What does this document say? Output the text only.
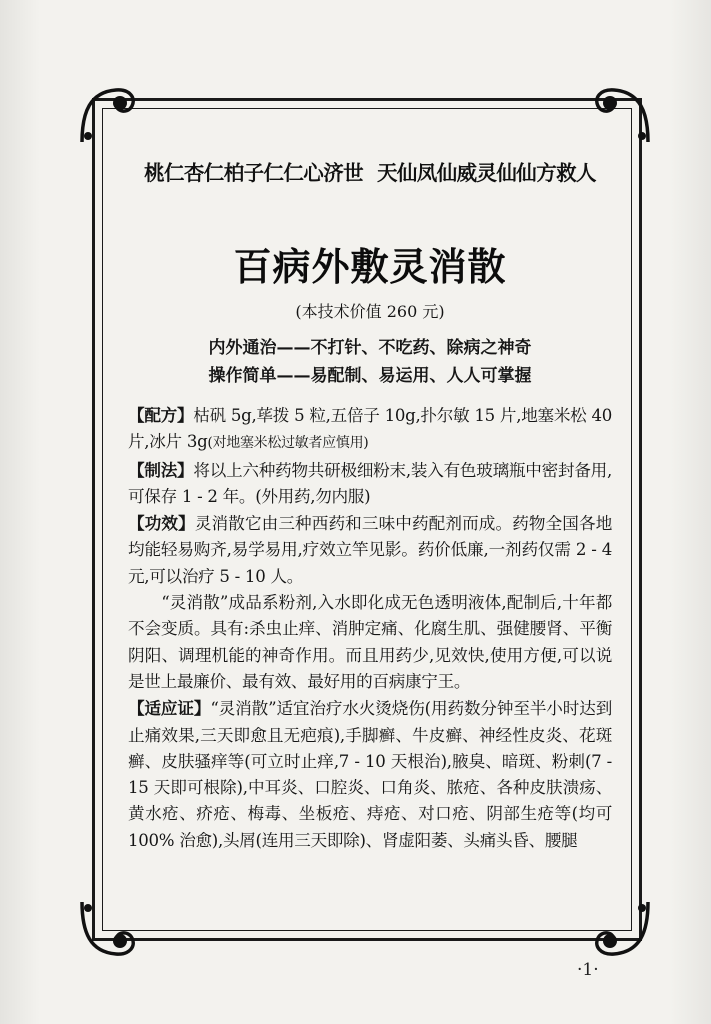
桃仁杏仁柏子仁仁心济世 天仙凤仙威灵仙仙方救人
百病外敷灵消散
(本技术价值 260 元)
内外通治——不打针、不吃药、除病之神奇
操作简单——易配制、易运用、人人可掌握

【配方】枯矾 5g,荜拨 5 粒,五倍子 10g,扑尔敏 15 片,地塞米松 40 片,冰片 3g(对地塞米松过敏者应慎用)

【制法】将以上六种药物共研极细粉末,装入有色玻璃瓶中密封备用,可保存 1 - 2 年。(外用药,勿内服)

【功效】灵消散它由三种西药和三味中药配剂而成。药物全国各地均能轻易购齐,易学易用,疗效立竿见影。药价低廉,一剂药仅需 2 - 4 元,可以治疗 5 - 10 人。

“灵消散”成品系粉剂,入水即化成无色透明液体,配制后,十年都不会变质。具有:杀虫止痒、消肿定痛、化腐生肌、强健腰肾、平衡阴阳、调理机能的神奇作用。而且用药少,见效快,使用方便,可以说是世上最廉价、最有效、最好用的百病康宁王。

【适应证】“灵消散”适宜治疗水火烫烧伤(用药数分钟至半小时达到止痛效果,三天即愈且无疤痕),手脚癣、牛皮癣、神经性皮炎、花斑癣、皮肤骚痒等(可立时止痒,7 - 10 天根治),腋臭、暗斑、粉刺(7 - 15 天即可根除),中耳炎、口腔炎、口角炎、脓疮、各种皮肤溃疡、黄水疮、疥疮、梅毒、坐板疮、痔疮、对口疮、阴部生疮等(均可 100% 治愈),头屑(连用三天即除)、肾虚阳萎、头痛头昏、腰腿

·1·
